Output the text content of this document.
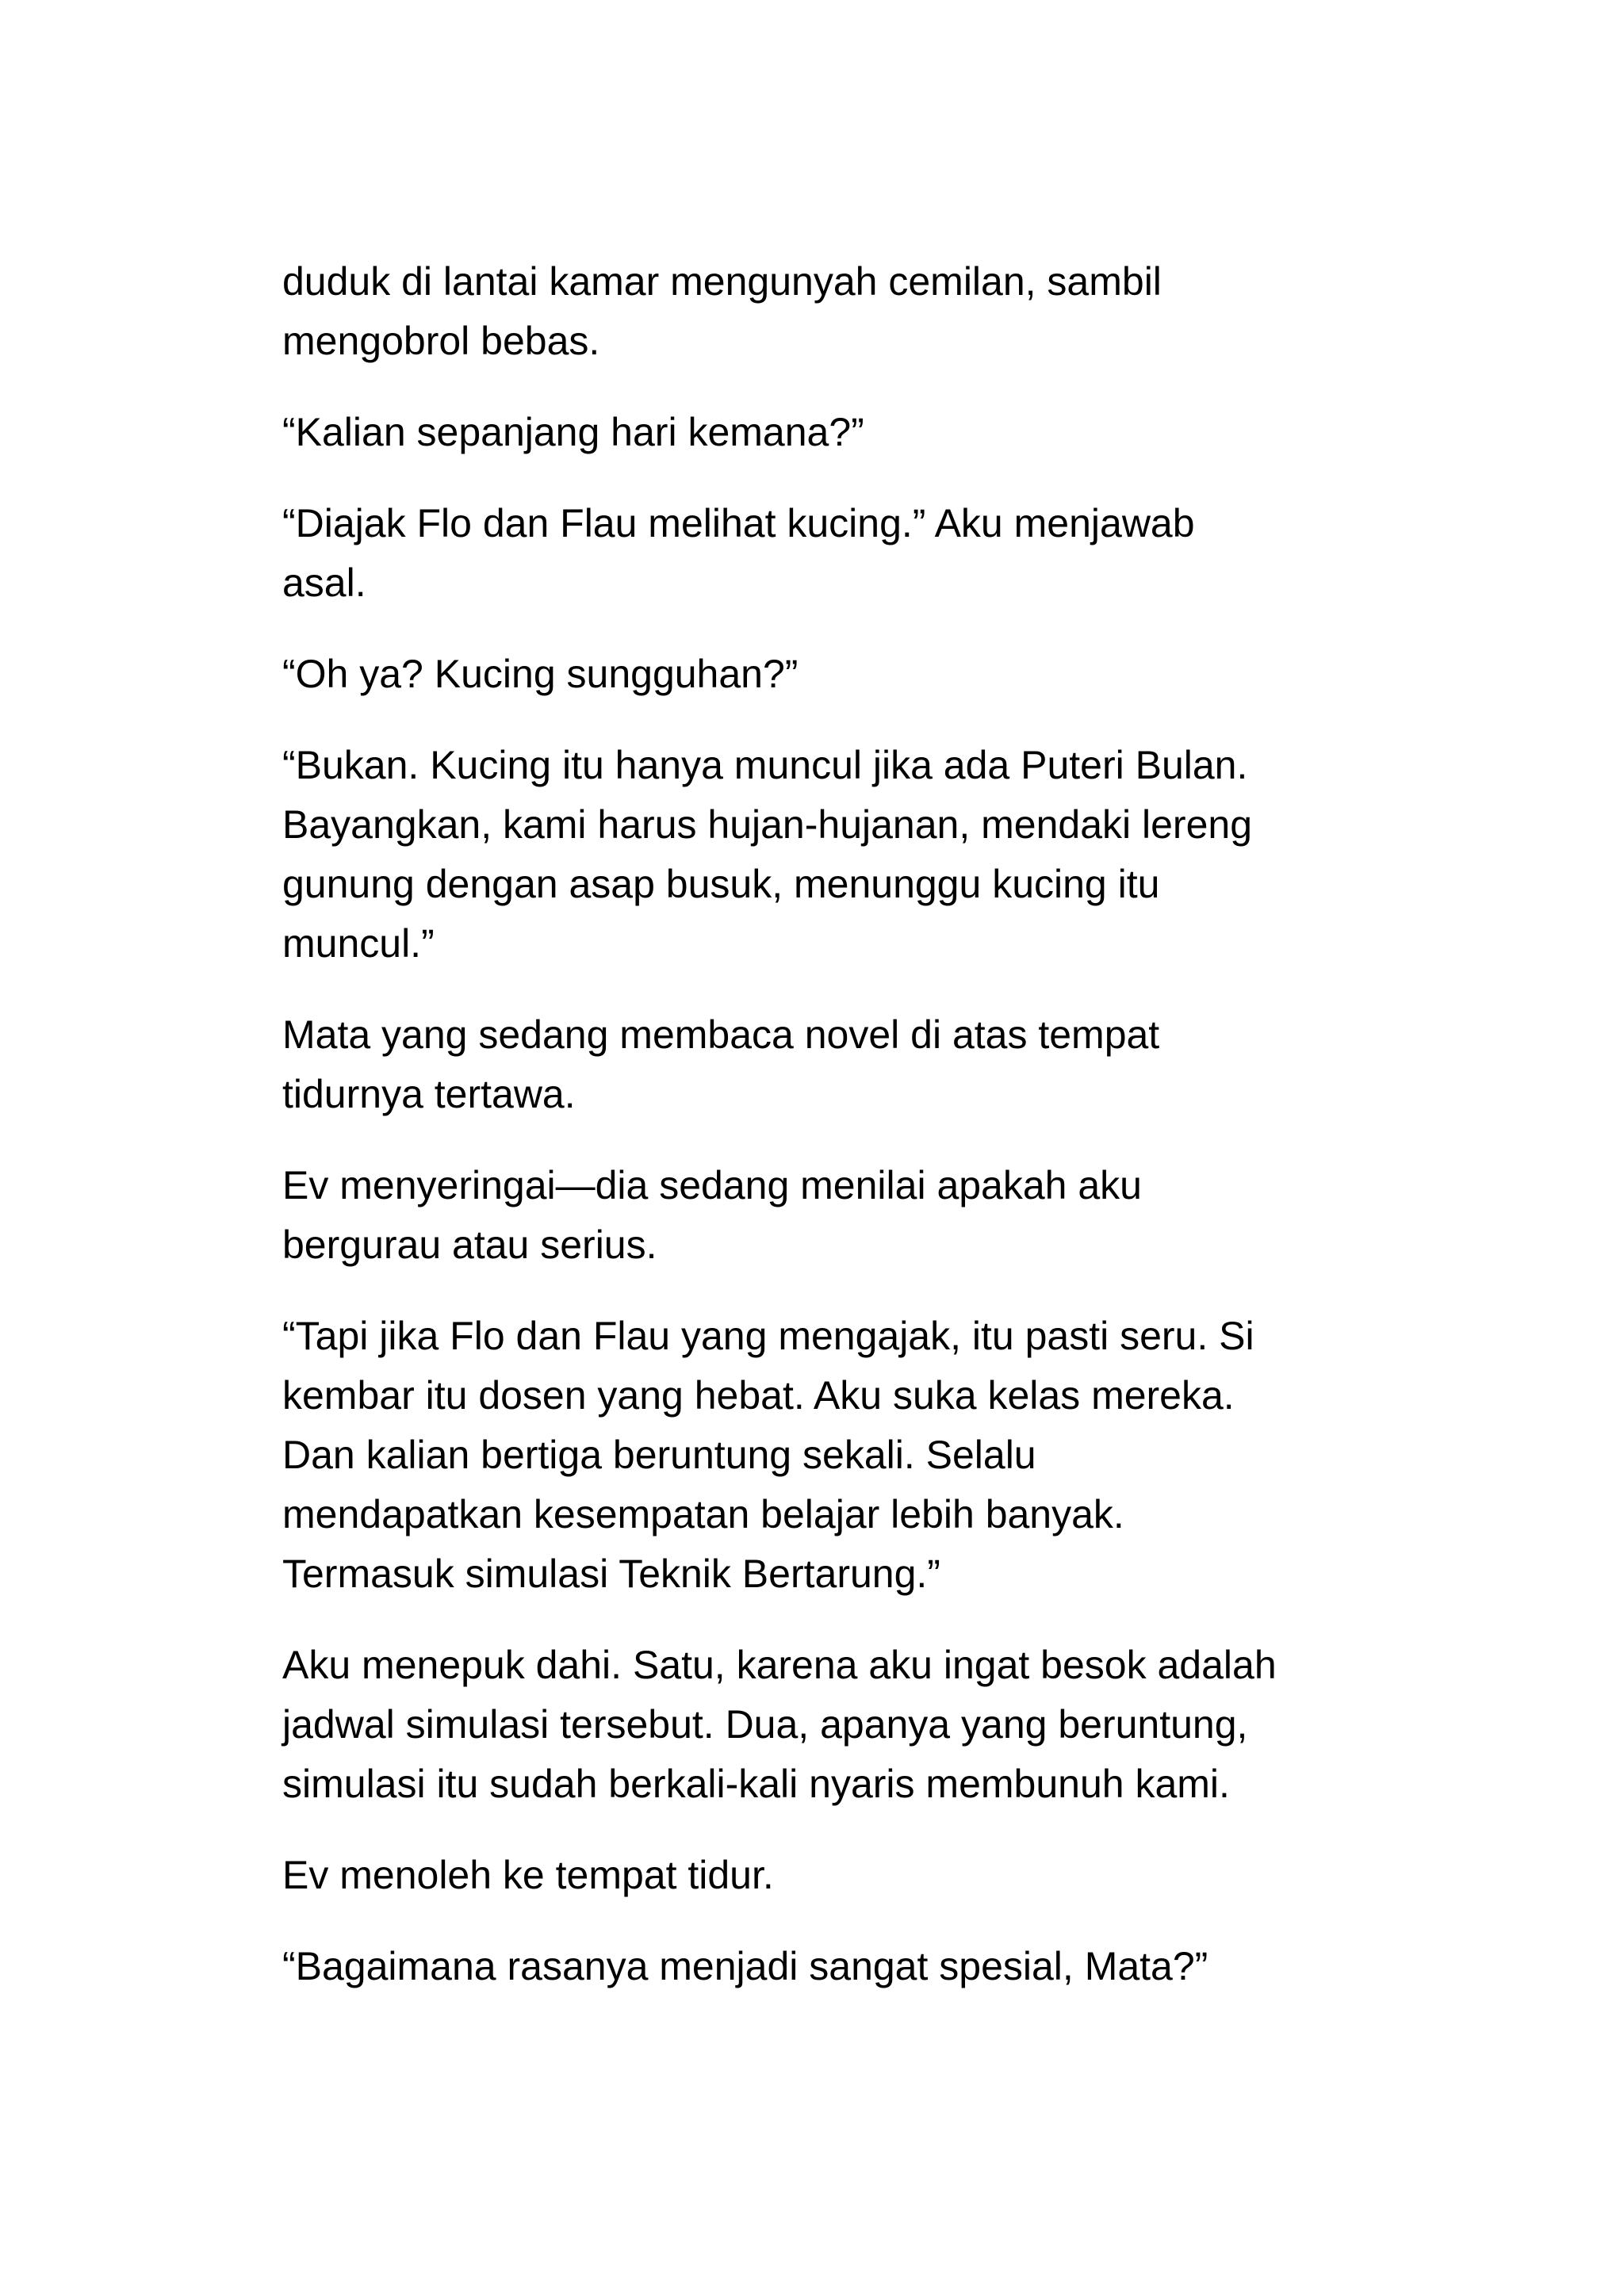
duduk di lantai kamar mengunyah cemilan, sambil
mengobrol bebas.

“Kalian sepanjang hari kemana?”

“Diajak Flo dan Flau melihat kucing.” Aku menjawab
asal.

“Oh ya? Kucing sungguhan?”

“Bukan. Kucing itu hanya muncul jika ada Puteri Bulan.
Bayangkan, kami harus hujan-hujanan, mendaki lereng
gunung dengan asap busuk, menunggu kucing itu
muncul.”

Mata yang sedang membaca novel di atas tempat
tidurnya tertawa.

Ev menyeringai—dia sedang menilai apakah aku
bergurau atau serius.

“Tapi jika Flo dan Flau yang mengajak, itu pasti seru. Si
kembar itu dosen yang hebat. Aku suka kelas mereka.
Dan kalian bertiga beruntung sekali. Selalu
mendapatkan kesempatan belajar lebih banyak.
Termasuk simulasi Teknik Bertarung.”

Aku menepuk dahi. Satu, karena aku ingat besok adalah
jadwal simulasi tersebut. Dua, apanya yang beruntung,
simulasi itu sudah berkali-kali nyaris membunuh kami.

Ev menoleh ke tempat tidur.

“Bagaimana rasanya menjadi sangat spesial, Mata?”
